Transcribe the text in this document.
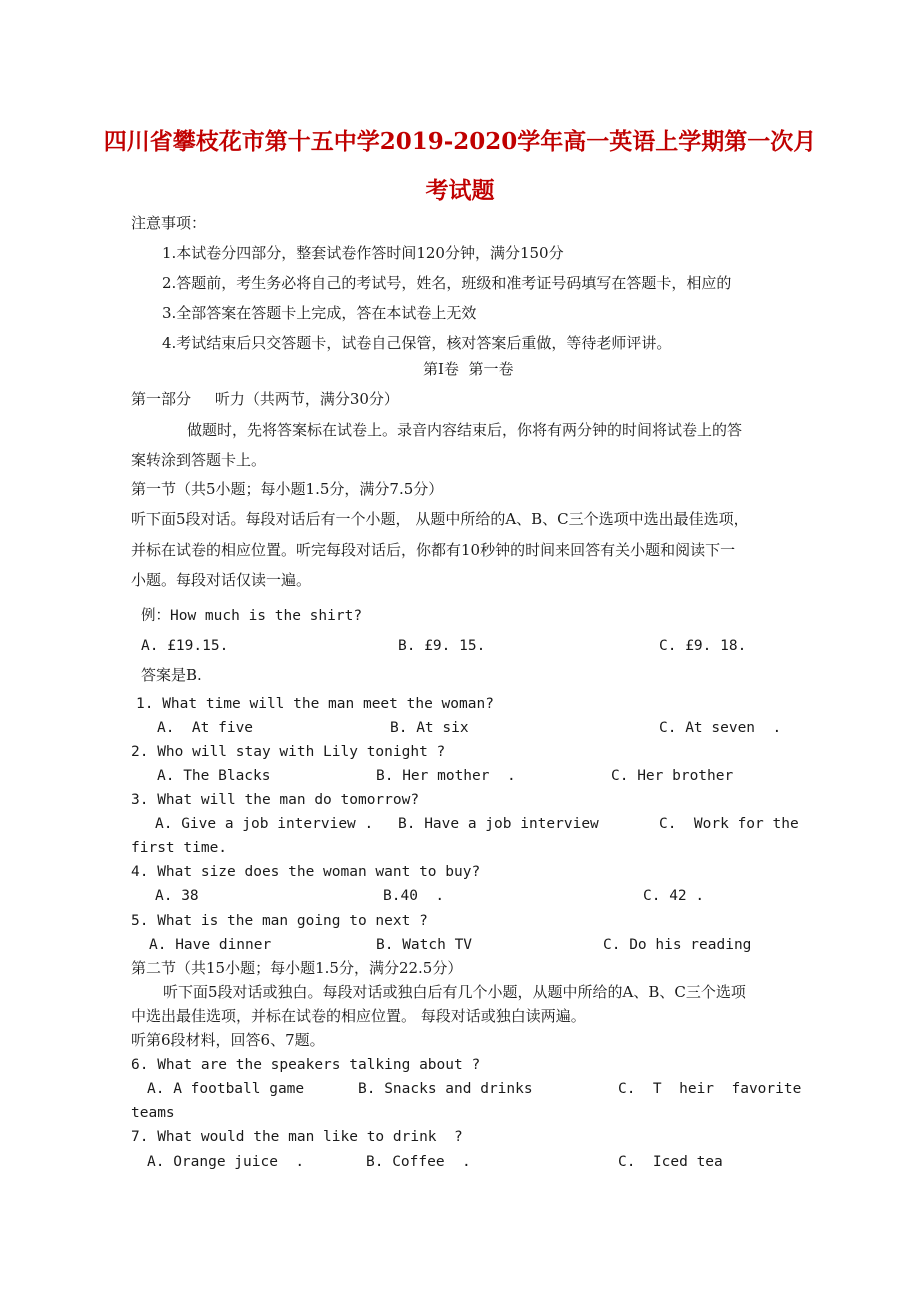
四川省攀枝花市第十五中学2019-2020学年高一英语上学期第一次月
考试题
注意事项：
1.本试卷分四部分，整套试卷作答时间120分钟，满分150分
2.答题前，考生务必将自己的考试号，姓名，班级和准考证号码填写在答题卡，相应的
3.全部答案在答题卡上完成，答在本试卷上无效
4.考试结束后只交答题卡，试卷自己保管，核对答案后重做，等待老师评讲。
第Ⅰ卷  第一卷
第一部分     听力（共两节，满分30分）
做题时，先将答案标在试卷上。录音内容结束后，你将有两分钟的时间将试卷上的答
案转涂到答题卡上。
第一节（共5小题；每小题1.5分，满分7.5分）
听下面5段对话。每段对话后有一个小题， 从题中所给的A、B、C三个选项中选出最佳选项，
并标在试卷的相应位置。听完每段对话后，你都有10秒钟的时间来回答有关小题和阅读下一
小题。每段对话仅读一遍。
例：How much is the shirt?
A. £19.15.	B. £9. 15.	C. £9. 18.
答案是B.
1. What time will the man meet the woman?
A.  At five	B. At six	C. At seven  .
2. Who will stay with Lily tonight ?
A. The Blacks	B. Her mother  .	C. Her brother
3. What will the man do tomorrow?
A. Give a job interview . B. Have a job interview	C.  Work for the
first time.
4. What size does the woman want to buy?
A. 38	B.40  .	C. 42 .
5. What is the man going to next ?
A. Have dinner	B. Watch TV	C. Do his reading
第二节（共15小题；每小题1.5分，满分22.5分）
听下面5段对话或独白。每段对话或独白后有几个小题，从题中所给的A、B、C三个选项
中选出最佳选项，并标在试卷的相应位置。 每段对话或独白读两遍。
听第6段材料，回答6、7题。
6. What are the speakers talking about ?
A. A football game	B. Snacks and drinks	C.  T  heir  favorite
teams
7. What would the man like to drink  ?
A. Orange juice  .	B. Coffee  .	C.  Iced tea
